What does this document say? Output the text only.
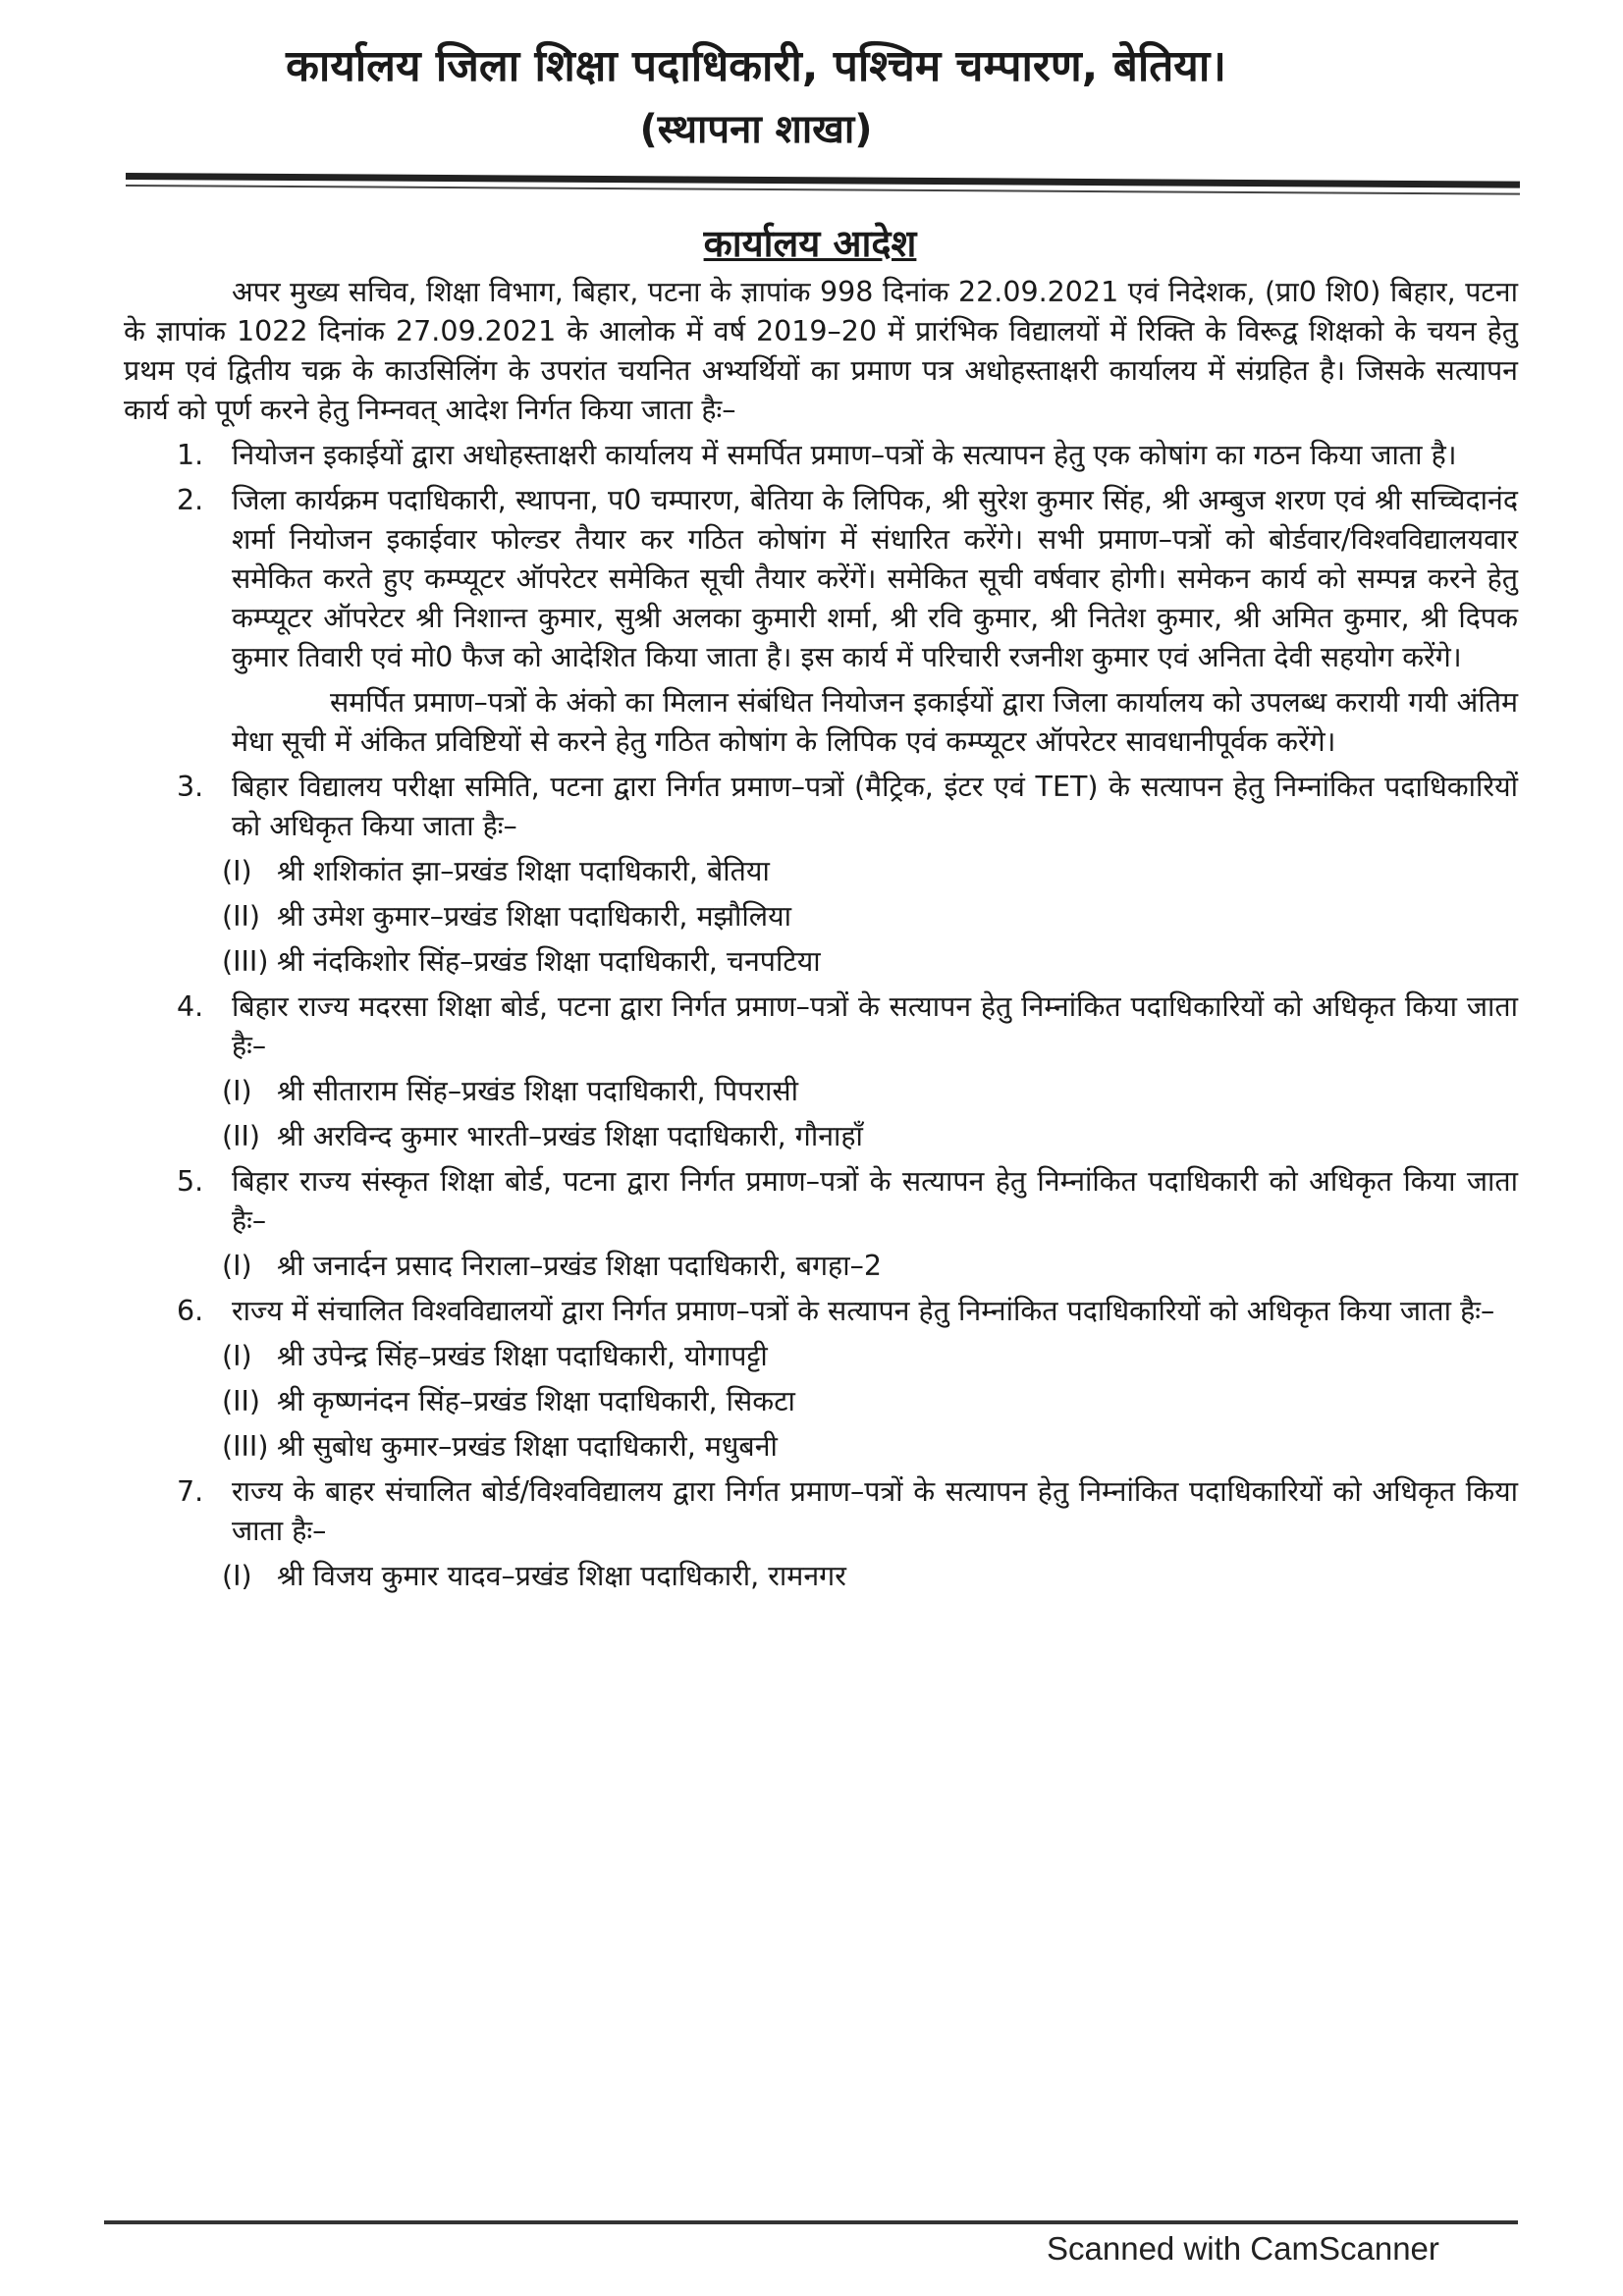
कार्यालय जिला शिक्षा पदाधिकारी, पश्चिम चम्पारण, बेतिया।
(स्थापना शाखा)
कार्यालय आदेश

अपर मुख्य सचिव, शिक्षा विभाग, बिहार, पटना के ज्ञापांक 998 दिनांक 22.09.2021 एवं निदेशक, (प्रा0 शि0) बिहार, पटना के ज्ञापांक 1022 दिनांक 27.09.2021 के आलोक में वर्ष 2019–20 में प्रारंभिक विद्यालयों में रिक्ति के विरूद्व शिक्षको के चयन हेतु प्रथम एवं द्वितीय चक्र के काउसिलिंग के उपरांत चयनित अभ्यर्थियों का प्रमाण पत्र अधोहस्ताक्षरी कार्यालय में संग्रहित है। जिसके सत्यापन कार्य को पूर्ण करने हेतु निम्नवत् आदेश निर्गत किया जाता हैः–

1. नियोजन इकाईयों द्वारा अधोहस्ताक्षरी कार्यालय में समर्पित प्रमाण–पत्रों के सत्यापन हेतु एक कोषांग का गठन किया जाता है।

2. जिला कार्यक्रम पदाधिकारी, स्थापना, प0 चम्पारण, बेतिया के लिपिक, श्री सुरेश कुमार सिंह, श्री अम्बुज शरण एवं श्री सच्चिदानंद शर्मा नियोजन इकाईवार फोल्डर तैयार कर गठित कोषांग में संधारित करेंगे। सभी प्रमाण–पत्रों को बोर्डवार/विश्वविद्यालयवार समेकित करते हुए कम्प्यूटर ऑपरेटर समेकित सूची तैयार करेंगें। समेकित सूची वर्षवार होगी। समेकन कार्य को सम्पन्न करने हेतु कम्प्यूटर ऑपरेटर श्री निशान्त कुमार, सुश्री अलका कुमारी शर्मा, श्री रवि कुमार, श्री नितेश कुमार, श्री अमित कुमार, श्री दिपक कुमार तिवारी एवं मो0 फैज को आदेशित किया जाता है। इस कार्य में परिचारी रजनीश कुमार एवं अनिता देवी सहयोग करेंगे।

समर्पित प्रमाण–पत्रों के अंको का मिलान संबंधित नियोजन इकाईयों द्वारा जिला कार्यालय को उपलब्ध करायी गयी अंतिम मेधा सूची में अंकित प्रविष्टियों से करने हेतु गठित कोषांग के लिपिक एवं कम्प्यूटर ऑपरेटर सावधानीपूर्वक करेंगे।

3. बिहार विद्यालय परीक्षा समिति, पटना द्वारा निर्गत प्रमाण–पत्रों (मैट्रिक, इंटर एवं TET) के सत्यापन हेतु निम्नांकित पदाधिकारियों को अधिकृत किया जाता हैः–

(I) श्री शशिकांत झा–प्रखंड शिक्षा पदाधिकारी, बेतिया
(II) श्री उमेश कुमार–प्रखंड शिक्षा पदाधिकारी, मझौलिया
(III) श्री नंदकिशोर सिंह–प्रखंड शिक्षा पदाधिकारी, चनपटिया
4. बिहार राज्य मदरसा शिक्षा बोर्ड, पटना द्वारा निर्गत प्रमाण–पत्रों के सत्यापन हेतु निम्नांकित पदाधिकारियों को अधिकृत किया जाता हैः–

(I) श्री सीताराम सिंह–प्रखंड शिक्षा पदाधिकारी, पिपरासी
(II) श्री अरविन्द कुमार भारती–प्रखंड शिक्षा पदाधिकारी, गौनाहाँ
5. बिहार राज्य संस्कृत शिक्षा बोर्ड, पटना द्वारा निर्गत प्रमाण–पत्रों के सत्यापन हेतु निम्नांकित पदाधिकारी को अधिकृत किया जाता हैः–

(I) श्री जनार्दन प्रसाद निराला–प्रखंड शिक्षा पदाधिकारी, बगहा–2
6. राज्य में संचालित विश्वविद्यालयों द्वारा निर्गत प्रमाण–पत्रों के सत्यापन हेतु निम्नांकित पदाधिकारियों को अधिकृत किया जाता हैः–

(I) श्री उपेन्द्र सिंह–प्रखंड शिक्षा पदाधिकारी, योगापट्टी
(II) श्री कृष्णनंदन सिंह–प्रखंड शिक्षा पदाधिकारी, सिकटा
(III) श्री सुबोध कुमार–प्रखंड शिक्षा पदाधिकारी, मधुबनी
7. राज्य के बाहर संचालित बोर्ड/विश्वविद्यालय द्वारा निर्गत प्रमाण–पत्रों के सत्यापन हेतु निम्नांकित पदाधिकारियों को अधिकृत किया जाता हैः–

(I) श्री विजय कुमार यादव–प्रखंड शिक्षा पदाधिकारी, रामनगर
Scanned with CamScanner
